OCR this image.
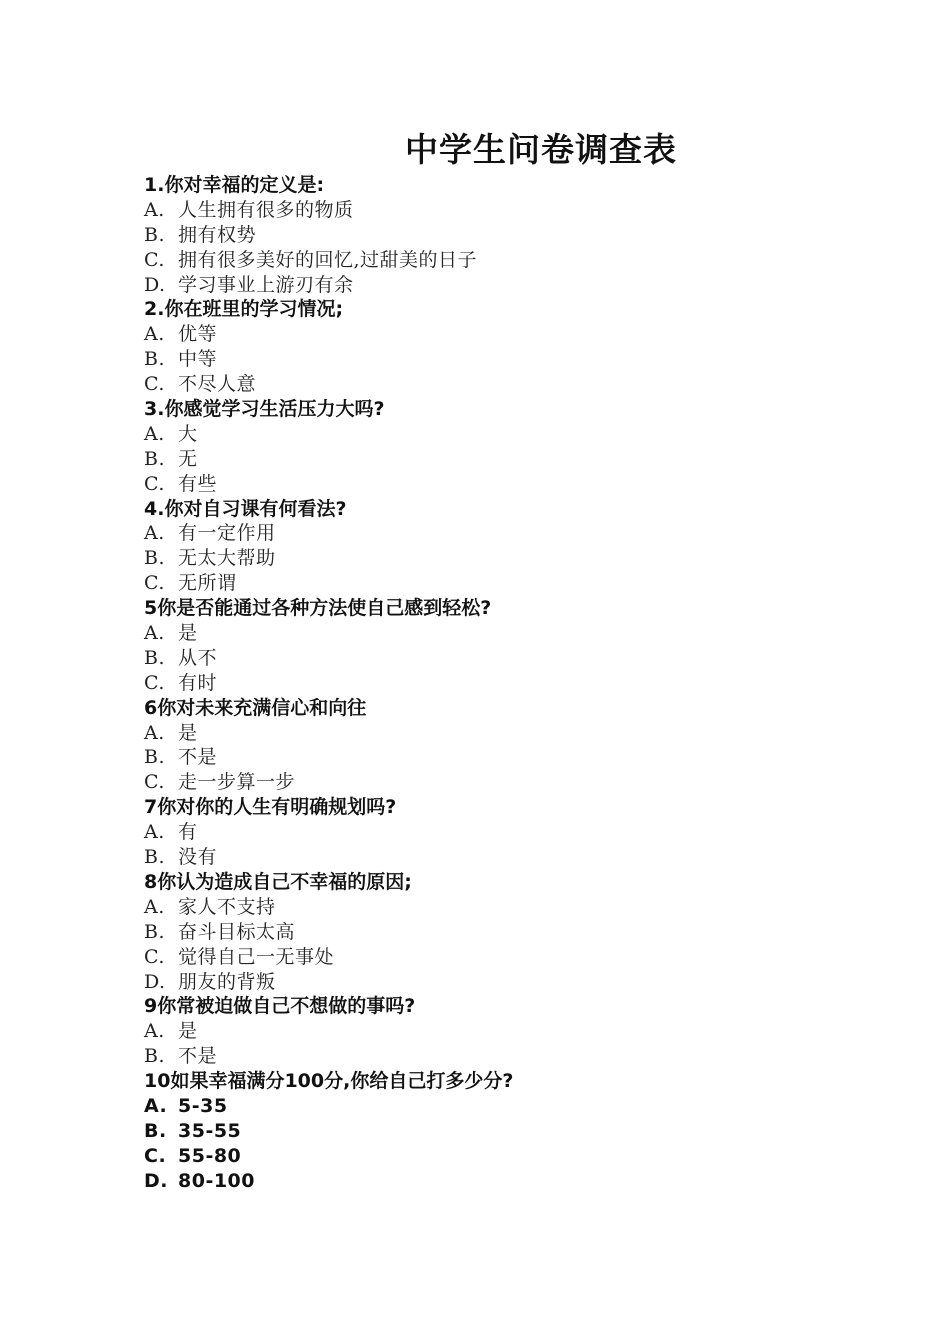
中学生问卷调查表
1.你对幸福的定义是:
A. 人生拥有很多的物质
B. 拥有权势
C. 拥有很多美好的回忆,过甜美的日子
D. 学习事业上游刃有余
2.你在班里的学习情况;
A. 优等
B. 中等
C. 不尽人意
3.你感觉学习生活压力大吗?
A. 大
B. 无
C. 有些
4.你对自习课有何看法?
A. 有一定作用
B. 无太大帮助
C. 无所谓
5你是否能通过各种方法使自己感到轻松?
A. 是
B. 从不
C. 有时
6你对未来充满信心和向往
A. 是
B. 不是
C. 走一步算一步
7你对你的人生有明确规划吗?
A. 有
B. 没有
8你认为造成自己不幸福的原因;
A. 家人不支持
B. 奋斗目标太高
C. 觉得自己一无事处
D. 朋友的背叛
9你常被迫做自己不想做的事吗?
A. 是
B. 不是
10如果幸福满分100分,你给自己打多少分?
A. 5-35
B. 35-55
C. 55-80
D. 80-100
